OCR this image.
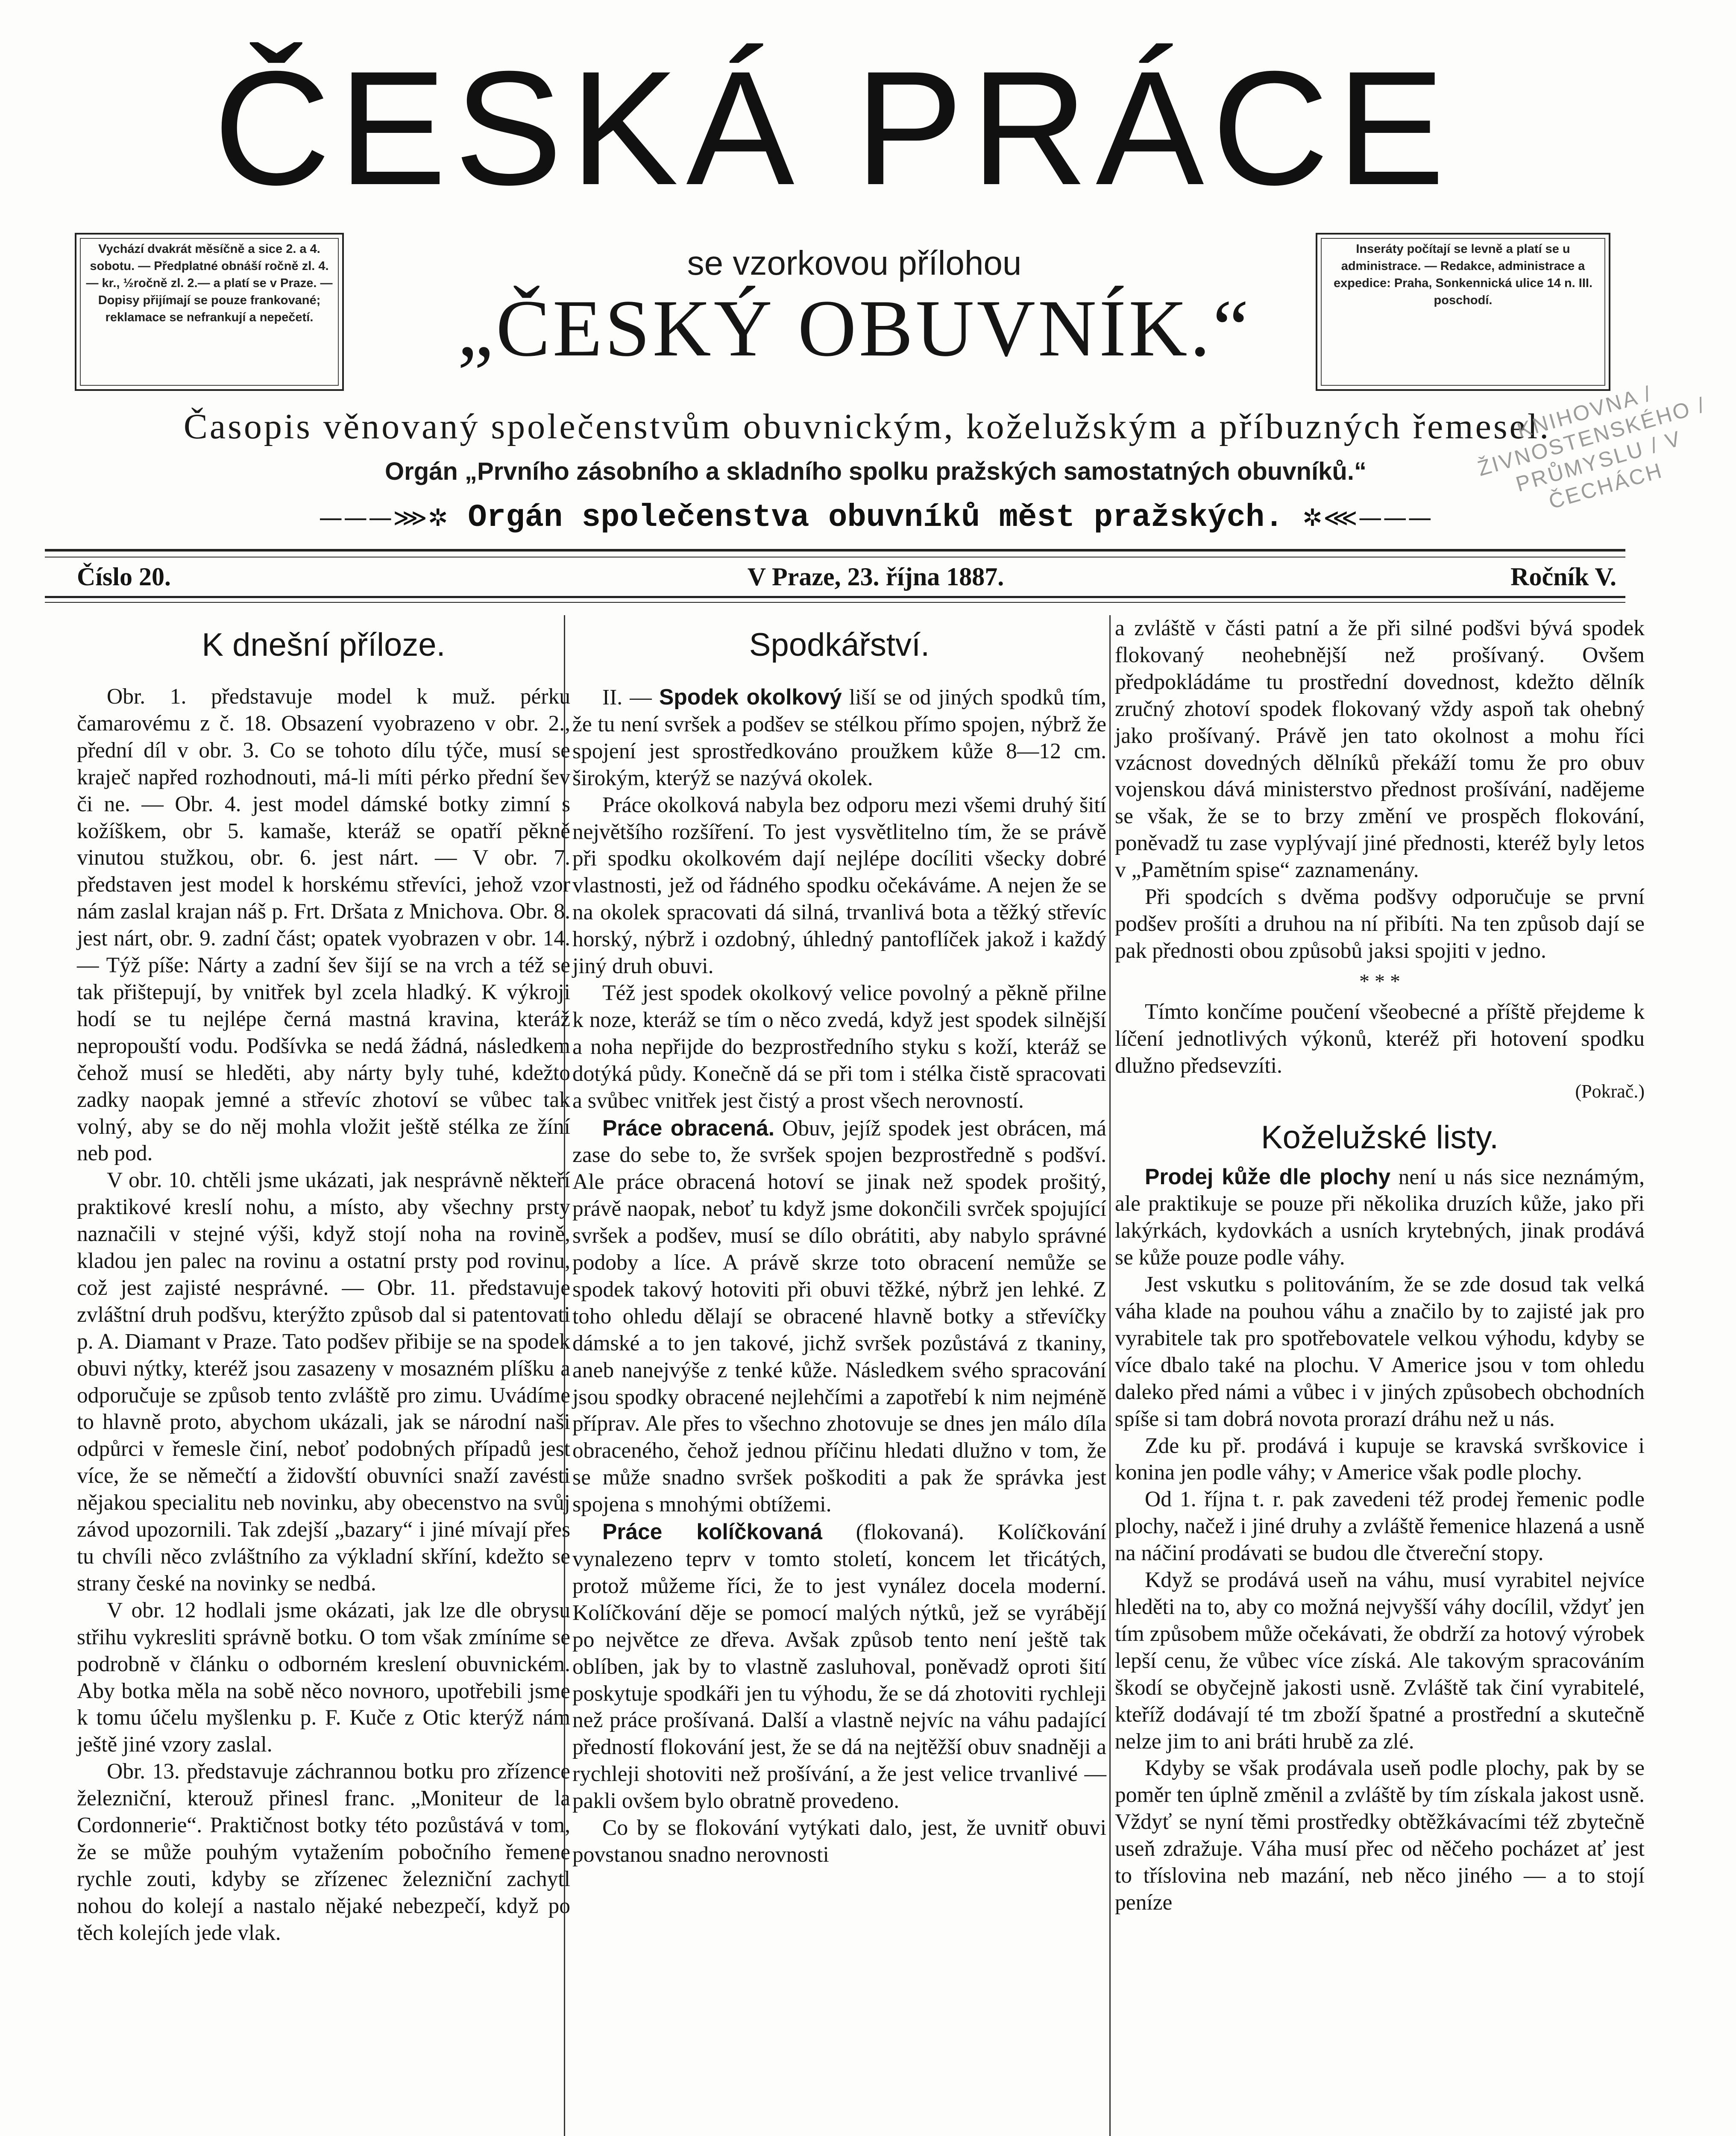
ČESKÁ PRÁCE
se vzorkovou přílohou
„ČESKÝ OBUVNÍK.“
Vychází dvakrát měsíčně a sice 2. a 4. sobotu. — Předplatné obnáší ročně zl. 4.— kr., ½ročně zl. 2.— a platí se v Praze. — Dopisy přijímají se pouze frankované; reklamace se nefrankují a nepečetí.
Inseráty počítají se levně a platí se u administrace. — Redakce, administrace a expedice: Praha, Sonkennická ulice 14 n. III. poschodí.
Časopis věnovaný společenstvům obuvnickým, koželužským a příbuzných řemesel.
Orgán „Prvního zásobního a skladního spolku pražských samostatných obuvníků.“
———⋙✲ Orgán společenstva obuvníků měst pražských. ✲⋘———
KNIHOVNA / ŽIVNOSTENSKÉHO / PRŮMYSLU / V ČECHÁCH
Číslo 20.	V Praze, 23. října 1887.	Ročník V.
K dnešní příloze.

Obr. 1. představuje model k muž. pérku čamarovému z č. 18. Obsazení vyobrazeno v obr. 2., přední díl v obr. 3. Co se tohoto dílu týče, musí se kraječ napřed rozhodnouti, má-li míti pérko přední šev či ne. — Obr. 4. jest model dámské botky zimní s kožíškem, obr 5. kamaše, kteráž se opatří pěkně vinutou stužkou, obr. 6. jest nárt. — V obr. 7. představen jest model k horskému střevíci, jehož vzor nám zaslal krajan náš p. Frt. Dršata z Mnichova. Obr. 8. jest nárt, obr. 9. zadní část; opatek vyobrazen v obr. 14. — Týž píše: Nárty a zadní šev šijí se na vrch a též se tak přištepují, by vnitřek byl zcela hladký. K výkroji hodí se tu nejlépe černá mastná kravina, kteráž nepropouští vodu. Podšívka se nedá žádná, následkem čehož musí se hleděti, aby nárty byly tuhé, kdežto zadky naopak jemné a střevíc zhotoví se vůbec tak volný, aby se do něj mohla vložit ještě stélka ze žíní neb pod.

V obr. 10. chtěli jsme ukázati, jak nesprávně někteří praktikové kreslí nohu, a místo, aby všechny prsty naznačili v stejné výši, když stojí noha na rovině, kladou jen palec na rovinu a ostatní prsty pod rovinu, což jest zajisté nesprávné. — Obr. 11. představuje zvláštní druh podšvu, kterýžto způsob dal si patentovati p. A. Diamant v Praze. Tato podšev přibije se na spodek obuvi nýtky, kteréž jsou zasazeny v mosazném plíšku a odporučuje se způsob tento zvláště pro zimu. Uvádíme to hlavně proto, abychom ukázali, jak se národní naši odpůrci v řemesle činí, neboť podobných případů jest více, že se němečtí a židovští obuvníci snaží zavésti nějakou specialitu neb novinku, aby obecenstvo na svůj závod upozornili. Tak zdejší „bazary“ i jiné mívají přes tu chvíli něco zvláštního za výkladní skříní, kdežto se strany české na novinky se nedbá.

V obr. 12 hodlali jsme okázati, jak lze dle obrysu střihu vykresliti správně botku. O tom však zmíníme se podrobně v článku o odborném kreslení obuvnickém. Aby botka měla na sobě něco novного, upotřebili jsme k tomu účelu myšlenku p. F. Kuče z Otic kterýž nám ještě jiné vzory zaslal.

Obr. 13. představuje záchrannou botku pro zřízence železniční, kterouž přinesl franc. „Moniteur de la Cordonnerie“. Praktičnost botky této pozůstává v tom, že se může pouhým vytažením pobočního řemene rychle zouti, kdyby se zřízenec železniční zachytl nohou do kolejí a nastalo nějaké nebezpečí, když po těch kolejích jede vlak.

Spodkářství.

II. — Spodek okolkový liší se od jiných spodků tím, že tu není svršek a podšev se stélkou přímo spojen, nýbrž že spojení jest sprostředkováno proužkem kůže 8—12 cm. širokým, kterýž se nazývá okolek.

Práce okolková nabyla bez odporu mezi všemi druhý šití největšího rozšíření. To jest vysvětlitelno tím, že se právě při spodku okolkovém dají nejlépe docíliti všecky dobré vlastnosti, jež od řádného spodku očekáváme. A nejen že se na okolek spracovati dá silná, trvanlivá bota a těžký střevíc horský, nýbrž i ozdobný, úhledný pantoflíček jakož i každý jiný druh obuvi.

Též jest spodek okolkový velice povolný a pěkně přilne k noze, kteráž se tím o něco zvedá, když jest spodek silnější a noha nepřijde do bezprostředního styku s koží, kteráž se dotýká půdy. Konečně dá se při tom i stélka čistě spracovati a svůbec vnitřek jest čistý a prost všech nerovností.

Práce obracená. Obuv, jejíž spodek jest obrácen, má zase do sebe to, že svršek spojen bezprostředně s podšví. Ale práce obracená hotoví se jinak než spodek prošitý, právě naopak, neboť tu když jsme dokončili svrček spojující svršek a podšev, musí se dílo obrátiti, aby nabylo správné podoby a líce. A právě skrze toto obracení nemůže se spodek takový hotoviti při obuvi těžké, nýbrž jen lehké. Z toho ohledu dělají se obracené hlavně botky a střevíčky dámské a to jen takové, jichž svršek pozůstává z tkaniny, aneb nanejvýše z tenké kůže. Následkem svého spracování jsou spodky obracené nejlehčími a zapotřebí k nim nejméně příprav. Ale přes to všechno zhotovuje se dnes jen málo díla obraceného, čehož jednou příčinu hledati dlužno v tom, že se může snadno svršek poškoditi a pak že správka jest spojena s mnohými obtížemi.

Práce kolíčkovaná (flokovaná). Kolíčkování vynalezeno teprv v tomto století, koncem let třicátých, protož můžeme říci, že to jest vynález docela moderní. Kolíčkování děje se pomocí malých nýtků, jež se vyrábějí po největce ze dřeva. Avšak způsob tento není ještě tak oblíben, jak by to vlastně zasluhoval, poněvadž oproti šití poskytuje spodkáři jen tu výhodu, že se dá zhotoviti rychleji než práce prošívaná. Další a vlastně nejvíc na váhu padající předností flokování jest, že se dá na nejtěžší obuv snadněji a rychleji shotoviti než prošívání, a že jest velice trvanlivé — pakli ovšem bylo obratně provedeno.

Co by se flokování vytýkati dalo, jest, že uvnitř obuvi povstanou snadno nerovnosti

a zvláště v části patní a že při silné podšvi bývá spodek flokovaný neohebnější než prošívaný. Ovšem předpokládáme tu prostřední dovednost, kdežto dělník zručný zhotoví spodek flokovaný vždy aspoň tak ohebný jako prošívaný. Právě jen tato okolnost a mohu říci vzácnost dovedných dělníků překáží tomu že pro obuv vojenskou dává ministerstvo přednost prošívání, nadějeme se však, že se to brzy změní ve prospěch flokování, poněvadž tu zase vyplývají jiné přednosti, kteréž byly letos v „Pamětním spise“ zaznamenány.

Při spodcích s dvěma podšvy odporučuje se první podšev prošíti a druhou na ní přibíti. Na ten způsob dají se pak přednosti obou způsobů jaksi spojiti v jedno.

* * *

Tímto končíme poučení všeobecné a příště přejdeme k líčení jednotlivých výkonů, kteréž při hotovení spodku dlužno předsevzíti.

(Pokrač.)

Koželužské listy.

Prodej kůže dle plochy není u nás sice neznámým, ale praktikuje se pouze při několika druzích kůže, jako při lakýrkách, kydovkách a usních krytebných, jinak prodává se kůže pouze podle váhy.

Jest vskutku s politováním, že se zde dosud tak velká váha klade na pouhou váhu a značilo by to zajisté jak pro vyrabitele tak pro spotřebovatele velkou výhodu, kdyby se více dbalo také na plochu. V Americe jsou v tom ohledu daleko před námi a vůbec i v jiných způsobech obchodních spíše si tam dobrá novota prorazí dráhu než u nás.

Zde ku př. prodává i kupuje se kravská svrškovice i konina jen podle váhy; v Americe však podle plochy.

Od 1. října t. r. pak zavedeni též prodej řemenic podle plochy, načež i jiné druhy a zvláště řemenice hlazená a usně na náčiní prodávati se budou dle čtvereční stopy.

Když se prodává useň na váhu, musí vyrabitel nejvíce hleděti na to, aby co možná nejvyšší váhy docílil, vždyť jen tím způsobem může očekávati, že obdrží za hotový výrobek lepší cenu, že vůbec více získá. Ale takovým spracováním škodí se obyčejně jakosti usně. Zvláště tak činí vyrabitelé, kteříž dodávají té tm zboží špatné a prostřední a skutečně nelze jim to ani bráti hrubě za zlé.

Kdyby se však prodávala useň podle plochy, pak by se poměr ten úplně změnil a zvláště by tím získala jakost usně. Vždyť se nyní těmi prostředky obtěžkávacími též zbytečně useň zdražuje. Váha musí přec od něčeho pocházet ať jest to tříslovina neb mazání, neb něco jiného — a to stojí peníze
